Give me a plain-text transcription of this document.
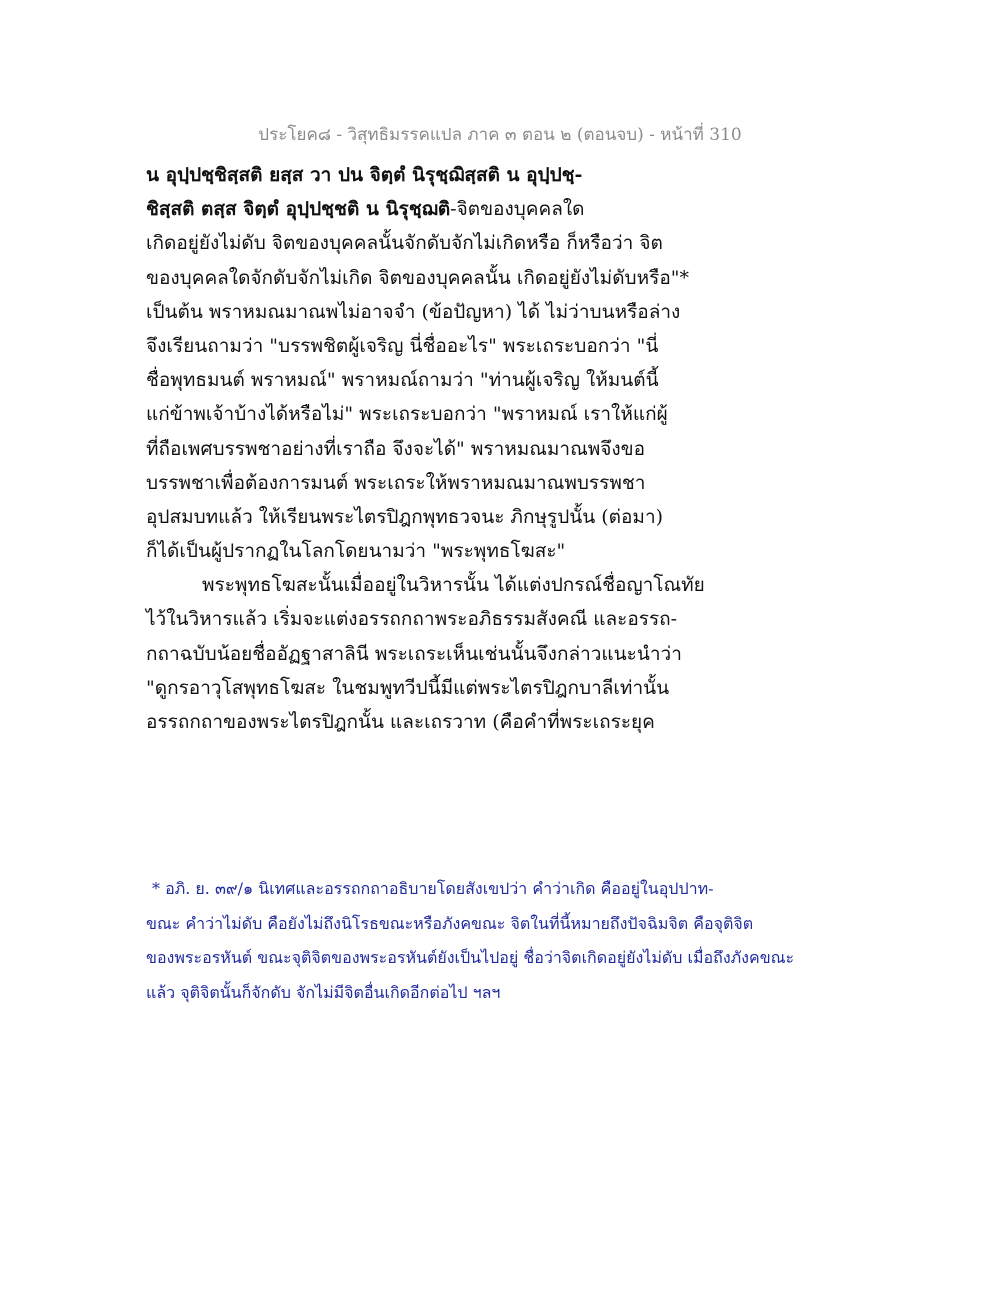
ประโยค๘ - วิสุทธิมรรคแปล ภาค ๓ ตอน ๒ (ตอนจบ) - หน้าที่ 310
น อุปฺปชฺชิสฺสติ ยสฺส วา ปน จิตฺตํ นิรุชฺฌิสฺสติ น อุปฺปชฺ-
ชิสฺสติ ตสฺส จิตฺตํ อุปฺปชฺชติ น นิรุชฺฌติ-จิตของบุคคลใด
เกิดอยู่ยังไม่ดับ จิตของบุคคลนั้นจักดับจักไม่เกิดหรือ ก็หรือว่า จิต
ของบุคคลใดจักดับจักไม่เกิด จิตของบุคคลนั้น เกิดอยู่ยังไม่ดับหรือ"*
เป็นต้น พราหมณมาณพไม่อาจจำ (ข้อปัญหา) ได้ ไม่ว่าบนหรือล่าง
จึงเรียนถามว่า "บรรพชิตผู้เจริญ นี่ชื่ออะไร" พระเถระบอกว่า "นี่
ชื่อพุทธมนต์ พราหมณ์" พราหมณ์ถามว่า "ท่านผู้เจริญ ให้มนต์นี้
แก่ข้าพเจ้าบ้างได้หรือไม่" พระเถระบอกว่า "พราหมณ์ เราให้แก่ผู้
ที่ถือเพศบรรพชาอย่างที่เราถือ จึงจะได้" พราหมณมาณพจึงขอ
บรรพชาเพื่อต้องการมนต์ พระเถระให้พราหมณมาณพบรรพชา
อุปสมบทแล้ว ให้เรียนพระไตรปิฎกพุทธวจนะ ภิกษุรูปนั้น (ต่อมา)
ก็ได้เป็นผู้ปรากฏในโลกโดยนามว่า "พระพุทธโฆสะ"
พระพุทธโฆสะนั้นเมื่ออยู่ในวิหารนั้น ได้แต่งปกรณ์ชื่อญาโณทัย
ไว้ในวิหารแล้ว เริ่มจะแต่งอรรถกถาพระอภิธรรมสังคณี และอรรถ-
กถาฉบับน้อยชื่ออัฏฐาสาลินี พระเถระเห็นเช่นนั้นจึงกล่าวแนะนำว่า
"ดูกรอาวุโสพุทธโฆสะ ในชมพูทวีปนี้มีแต่พระไตรปิฎกบาลีเท่านั้น
อรรถกถาของพระไตรปิฎกนั้น และเถรวาท (คือคำที่พระเถระยุค
* อภิ. ย. ๓๙/๑ นิเทศและอรรถกถาอธิบายโดยสังเขปว่า คำว่าเกิด คืออยู่ในอุปปาท-
ขณะ คำว่าไม่ดับ คือยังไม่ถึงนิโรธขณะหรือภังคขณะ จิตในที่นี้หมายถึงปัจฉิมจิต คือจุติจิต
ของพระอรหันต์ ขณะจุติจิตของพระอรหันต์ยังเป็นไปอยู่ ชื่อว่าจิตเกิดอยู่ยังไม่ดับ เมื่อถึงภังคขณะ
แล้ว จุติจิตนั้นก็จักดับ จักไม่มีจิตอื่นเกิดอีกต่อไป ฯลฯ
